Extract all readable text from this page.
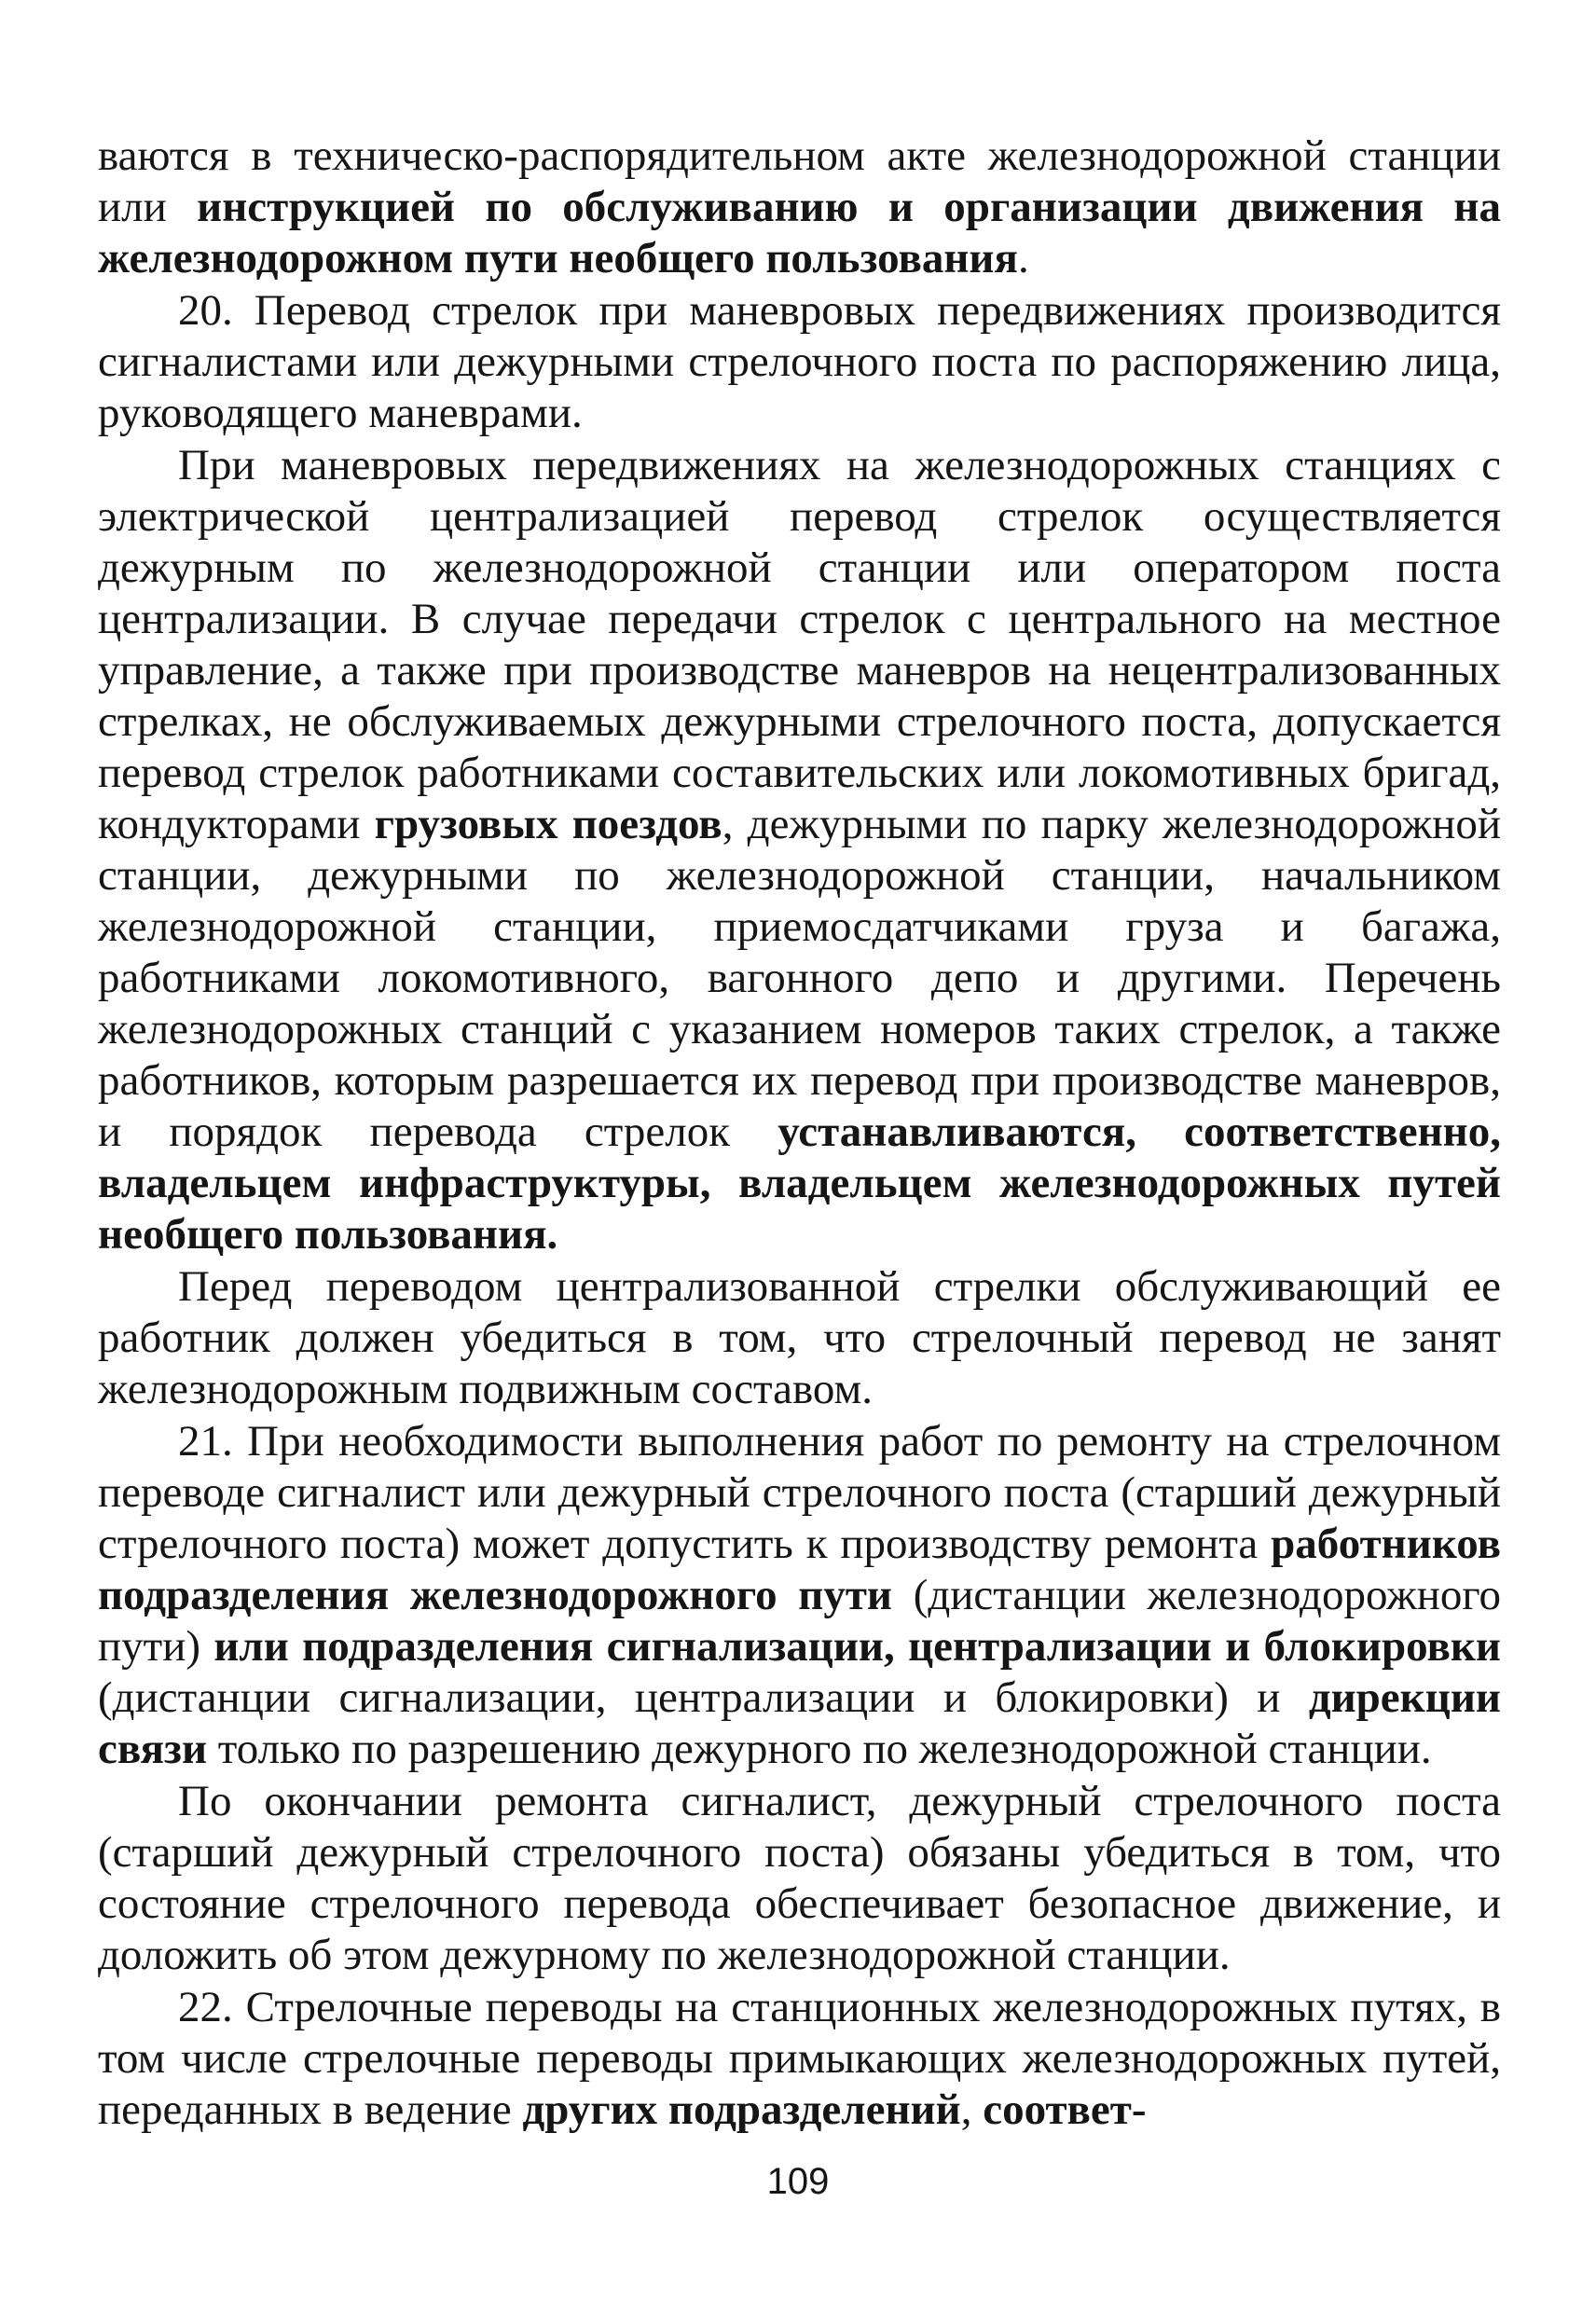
ваются в техническо-распорядительном акте железнодорожной станции или инструкцией по обслуживанию и организации движения на железнодорожном пути необщего пользования.

20. Перевод стрелок при маневровых передвижениях производится сигналистами или дежурными стрелочного поста по распоряжению лица, руководящего маневрами.

При маневровых передвижениях на железнодорожных станциях с электрической централизацией перевод стрелок осуществляется дежурным по железнодорожной станции или оператором поста централизации. В случае передачи стрелок с центрального на местное управление, а также при производстве маневров на нецентрализованных стрелках, не обслуживаемых дежурными стрелочного поста, допускается перевод стрелок работниками составительских или локомотивных бригад, кондукторами грузовых поездов, дежурными по парку железнодорожной станции, дежурными по железнодорожной станции, начальником железнодорожной станции, приемосдатчиками груза и багажа, работниками локомотивного, вагонного депо и другими. Перечень железнодорожных станций с указанием номеров таких стрелок, а также работников, которым разрешается их перевод при производстве маневров, и порядок перевода стрелок устанавливаются, соответственно, владельцем инфраструктуры, владельцем железнодорожных путей необщего пользования.

Перед переводом централизованной стрелки обслуживающий ее работник должен убедиться в том, что стрелочный перевод не занят железнодорожным подвижным составом.

21. При необходимости выполнения работ по ремонту на стрелочном переводе сигналист или дежурный стрелочного поста (старший дежурный стрелочного поста) может допустить к производству ремонта работников подразделения железнодорожного пути (дистанции железнодорожного пути) или подразделения сигнализации, централизации и блокировки (дистанции сигнализации, централизации и блокировки) и дирекции связи только по разрешению дежурного по железнодорожной станции.

По окончании ремонта сигналист, дежурный стрелочного поста (старший дежурный стрелочного поста) обязаны убедиться в том, что состояние стрелочного перевода обеспечивает безопасное движение, и доложить об этом дежурному по железнодорожной станции.

22. Стрелочные переводы на станционных железнодорожных путях, в том числе стрелочные переводы примыкающих железнодорожных путей, переданных в ведение других подразделений, соответ-

109
